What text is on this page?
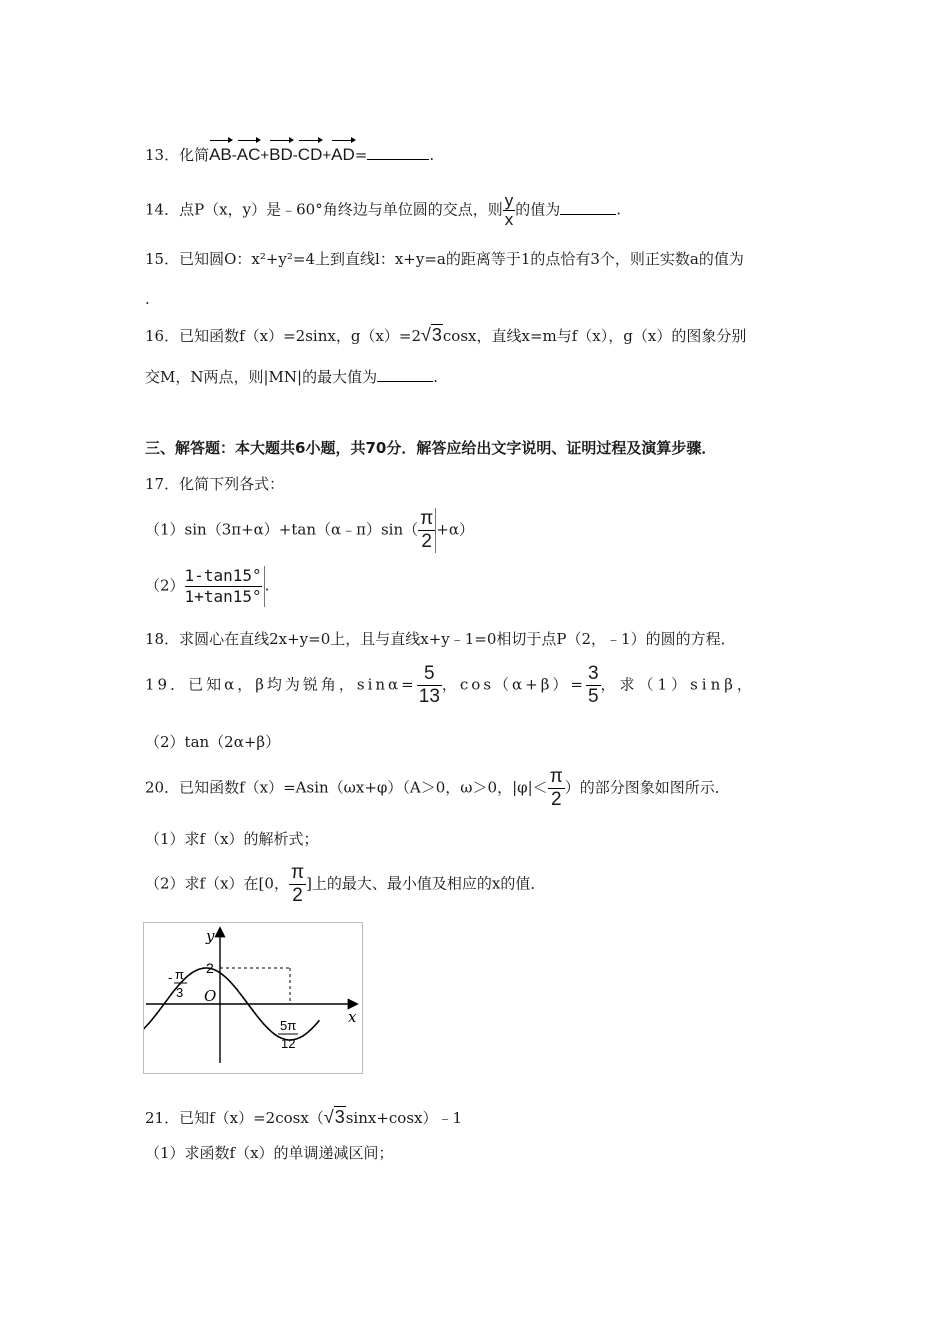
13．化简AB-AC+BD-CD+AD=	.
14．点P（x，y）是﹣60°角终边与单位圆的交点，则 $\frac{y}{x}$ 的值为	.
15．已知圆O：x²+y²=4上到直线l：x+y=a的距离等于1的点恰有3个，则正实数a的值为
.
16．已知函数f（x）=2sinx，g（x）=2√3cosx，直线x=m与f（x），g（x）的图象分别
交M，N两点，则|MN|的最大值为	.
三、解答题：本大题共6小题，共70分．解答应给出文字说明、证明过程及演算步骤．
17．化简下列各式：
（1）sin（3π+α）+tan（α﹣π）sin（ $\frac{\pi}{2} +\alpha$）
$(2) \frac{1-\tan 15^\circ}{1+\tan 15^\circ}$ .
18．求圆心在直线2x+y=0上，且与直线x+y﹣1=0相切于点P（2，﹣1）的圆的方程．
19．已知α，β均为锐角，$\sin\alpha= \frac{5}{13}$ ，$\cos(\alpha+\beta)= \frac{3}{5}$ ，求（1）sinβ，
（2）tan（2α+β）
20．已知函数f（x）=Asin（ωx+φ）（A＞0，ω＞0，$|\varphi|< \frac{\pi}{2}$ ）的部分图象如图所示．
（1）求f（x）的解析式；
（2）求f（x）在[0， $\frac{\pi}{2}$ ]上的最大、最小值及相应的x的值．
y
x
O
2
- π
3
5π
12
21．已知f（x）=2cosx（√3sinx+cosx）﹣1
（1）求函数f（x）的单调递减区间；
